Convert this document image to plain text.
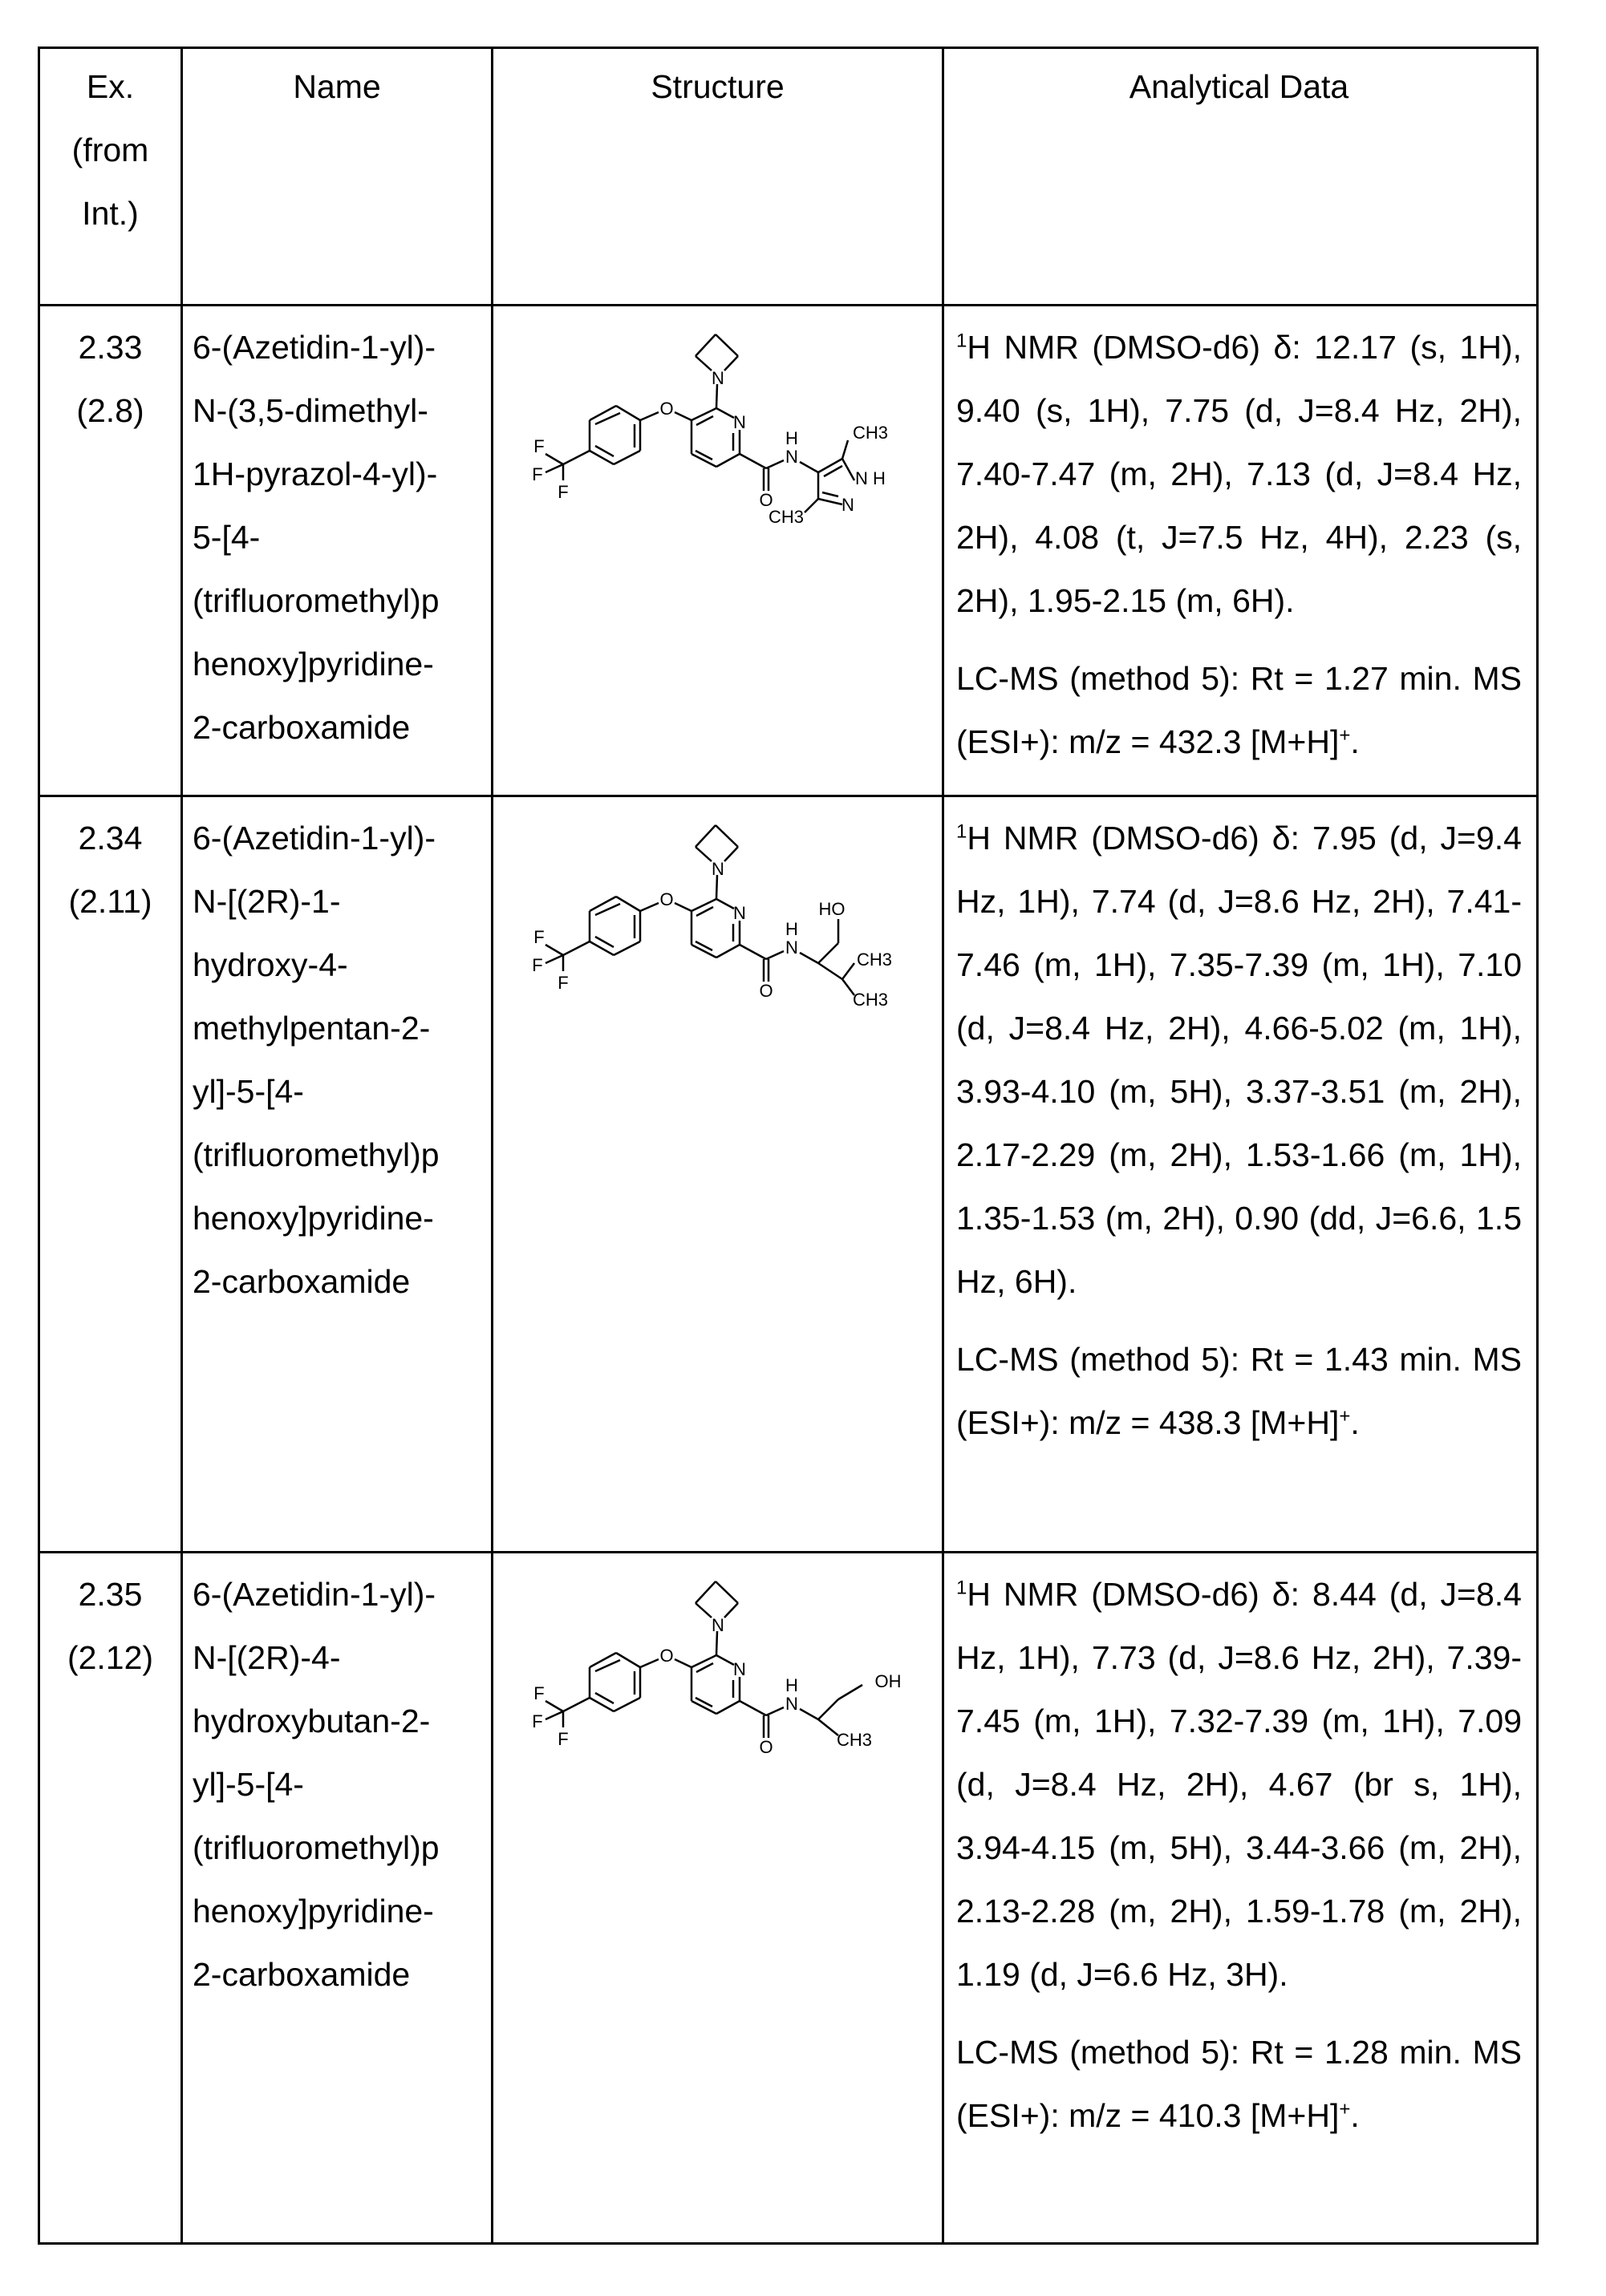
Ex.
(from
Int.)
	Name	Structure	Analytical Data

2.33
(2.8)

6-(Azetidin-1-yl)-
N-(3,5-dimethyl-
1H-pyrazol-4-yl)-
5-[4-
(trifluoromethyl)p
henoxy]pyridine-
2-carboxamide

N
N
O
F
F
F	O
H
N
CH3
N H
N
CH3

1H NMR (DMSO-d6) δ: 12.17 (s, 1H), 9.40 (s, 1H), 7.75 (d, J=8.4 Hz, 2H), 7.40-7.47 (m, 2H), 7.13 (d, J=8.4 Hz, 2H), 4.08 (t, J=7.5 Hz, 4H), 2.23 (s, 2H), 1.95-2.15 (m, 6H).

LC-MS (method 5): Rt = 1.27 min. MS (ESI+): m/z = 432.3 [M+H]+.

2.34
(2.11)

6-(Azetidin-1-yl)-
N-[(2R)-1-
hydroxy-4-
methylpentan-2-
yl]-5-[4-
(trifluoromethyl)p
henoxy]pyridine-
2-carboxamide

N
N
O
F
F
F	O
H
N
HO
CH3
CH3

1H NMR (DMSO-d6) δ: 7.95 (d, J=9.4 Hz, 1H), 7.74 (d, J=8.6 Hz, 2H), 7.41-7.46 (m, 1H), 7.35-7.39 (m, 1H), 7.10 (d, J=8.4 Hz, 2H), 4.66-5.02 (m, 1H), 3.93-4.10 (m, 5H), 3.37-3.51 (m, 2H), 2.17-2.29 (m, 2H), 1.53-1.66 (m, 1H), 1.35-1.53 (m, 2H), 0.90 (dd, J=6.6, 1.5 Hz, 6H).

LC-MS (method 5): Rt = 1.43 min. MS (ESI+): m/z = 438.3 [M+H]+.

2.35
(2.12)

6-(Azetidin-1-yl)-
N-[(2R)-4-
hydroxybutan-2-
yl]-5-[4-
(trifluoromethyl)p
henoxy]pyridine-
2-carboxamide

N
N
O
F
F
F	O
H
N
OH
CH3

1H NMR (DMSO-d6) δ: 8.44 (d, J=8.4 Hz, 1H), 7.73 (d, J=8.6 Hz, 2H), 7.39-7.45 (m, 1H), 7.32-7.39 (m, 1H), 7.09 (d, J=8.4 Hz, 2H), 4.67 (br s, 1H), 3.94-4.15 (m, 5H), 3.44-3.66 (m, 2H), 2.13-2.28 (m, 2H), 1.59-1.78 (m, 2H), 1.19 (d, J=6.6 Hz, 3H).

LC-MS (method 5): Rt = 1.28 min. MS (ESI+): m/z = 410.3 [M+H]+.
